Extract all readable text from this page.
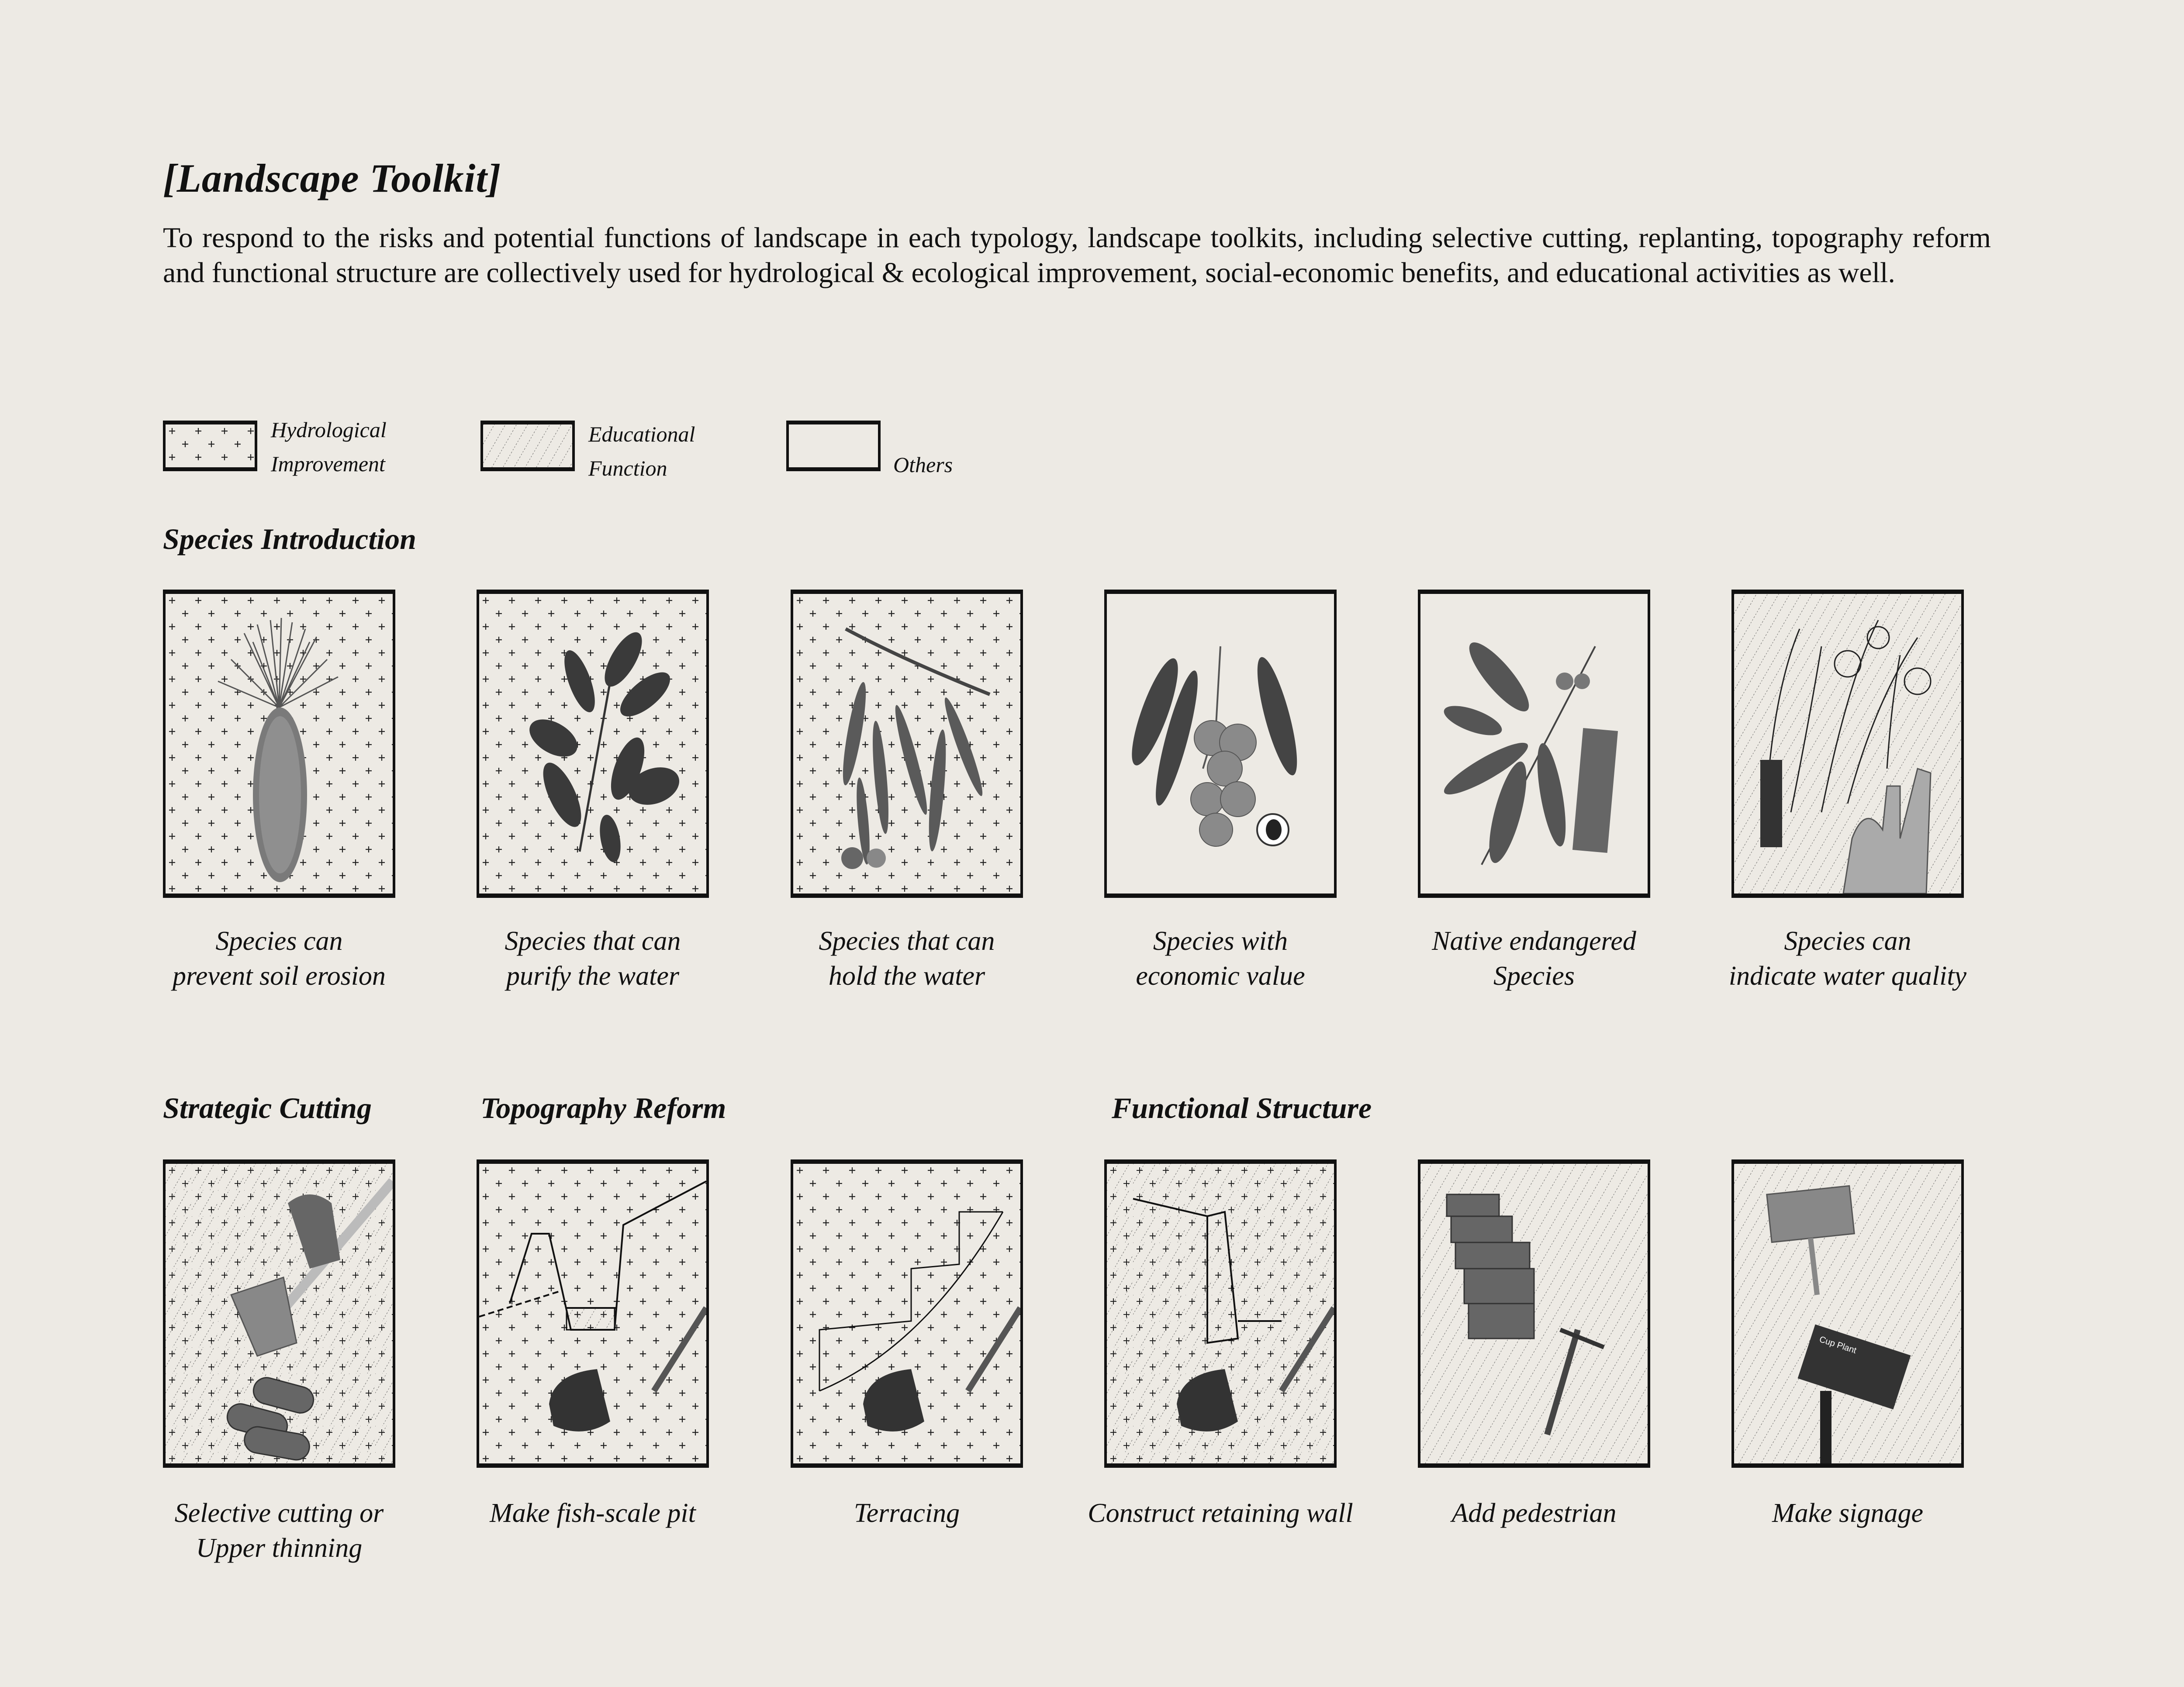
[Landscape Toolkit]
To respond to the risks and potential functions of landscape in each typology, landscape toolkits, including selective cutting, replanting, topography reform and functional structure are collectively used for hydrological & ecological improvement, social-economic benefits, and educational activities as well.
Hydrological
Improvement
Educational
Function	Others
Species Introduction
Species can
prevent soil erosion
Species that can
purify the water
Species that can
hold the water
Species with
economic value
Native endangered
Species
Species can
indicate water quality
Strategic Cutting	Topography Reform	Functional Structure
Cup Plant
Selective cutting or
Upper thinning
Make fish-scale pit	Terracing	Construct retaining wall	Add pedestrian	Make signage
